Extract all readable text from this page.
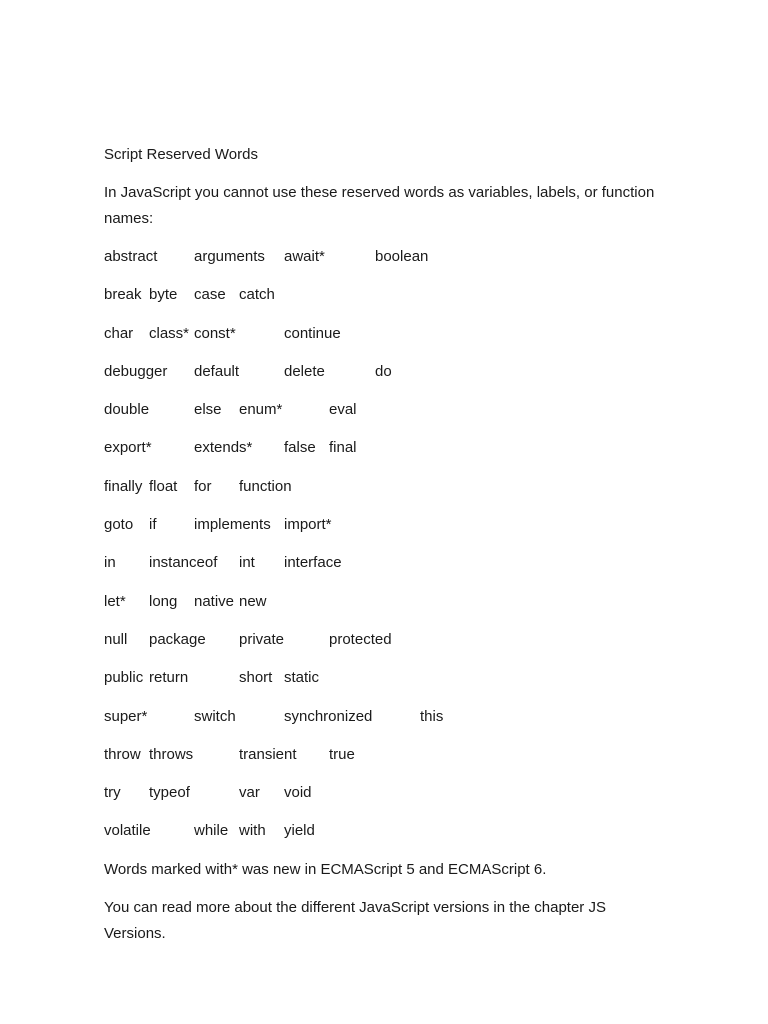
Script Reserved Words
In JavaScript you cannot use these reserved words as variables, labels, or function names:
abstract arguments await*	boolean
break byte case catch
char class* const*	continue
debugger default	delete	do
double	else enum*	eval
export*	extends* false final
finally float for function
goto if	implements import*
in instanceof int interface
let* long native new
null package private	protected
public return	short static
super*	switch	synchronized	this
throw throws	transient true
try typeof	var void
volatile	while with yield
Words marked with* was new in ECMAScript 5 and ECMAScript 6.
You can read more about the different JavaScript versions in the chapter JS Versions.
